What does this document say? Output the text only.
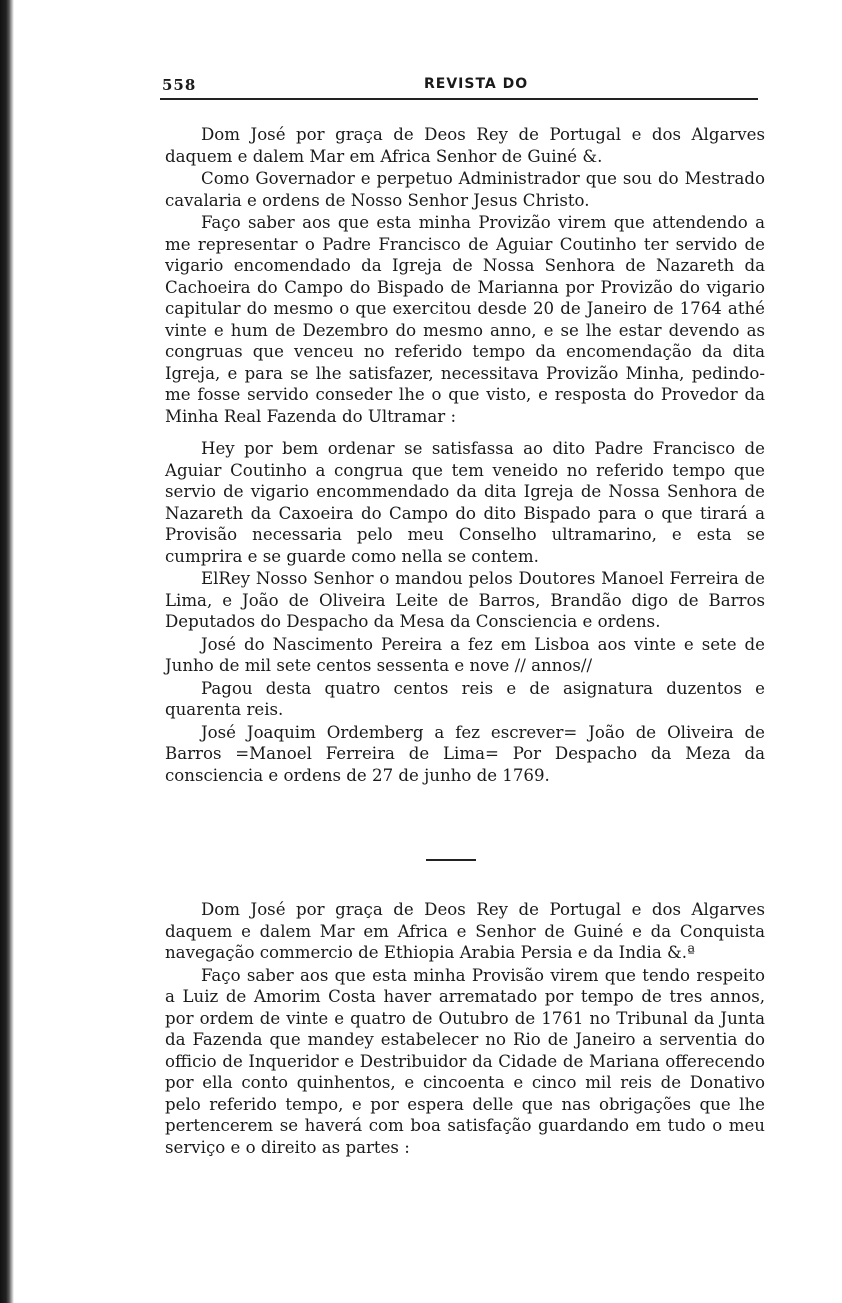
558	REVISTA DO

Dom José por graça de Deos Rey de Portugal e dos Algarves daquem e dalem Mar em Africa Senhor de Guiné &.

Como Governador e perpetuo Administrador que sou do Mestrado cavalaria e ordens de Nosso Senhor Jesus Christo.

Faço saber aos que esta minha Provizão virem que attendendo a me representar o Padre Francisco de Aguiar Coutinho ter servido de vigario encomendado da Igreja de Nossa Senhora de Nazareth da Cachoeira do Campo do Bispado de Marianna por Provizão do vigario capitular do mesmo o que exercitou desde 20 de Janeiro de 1764 athé vinte e hum de Dezembro do mesmo anno, e se lhe estar devendo as congruas que venceu no referido tempo da encomendação da dita Igreja, e para se lhe satisfazer, necessitava Provizão Minha, pedindo-me fosse servido conseder lhe o que visto, e resposta do Provedor da Minha Real Fazenda do Ultramar :

Hey por bem ordenar se satisfassa ao dito Padre Francisco de Aguiar Coutinho a congrua que tem veneido no referido tempo que servio de vigario encommendado da dita Igreja de Nossa Senhora de Nazareth da Caxoeira do Campo do dito Bispado para o que tirará a Provisão necessaria pelo meu Conselho ultramarino, e esta se cumprira e se guarde como nella se contem.

ElRey Nosso Senhor o mandou pelos Doutores Manoel Ferreira de Lima, e João de Oliveira Leite de Barros, Brandão digo de Barros Deputados do Despacho da Mesa da Consciencia e ordens.

José do Nascimento Pereira a fez em Lisboa aos vinte e sete de Junho de mil sete centos sessenta e nove // annos//

Pagou desta quatro centos reis e de asignatura duzentos e quarenta reis.

José Joaquim Ordemberg a fez escrever= João de Oliveira de Barros =Manoel Ferreira de Lima= Por Despacho da Meza da consciencia e ordens de 27 de junho de 1769.

Dom José por graça de Deos Rey de Portugal e dos Algarves daquem e dalem Mar em Africa e Senhor de Guiné e da Conquista navegação commercio de Ethiopia Arabia Persia e da India &.ª

Faço saber aos que esta minha Provisão virem que tendo respeito a Luiz de Amorim Costa haver arrematado por tempo de tres annos, por ordem de vinte e quatro de Outubro de 1761 no Tribunal da Junta da Fazenda que mandey estabelecer no Rio de Janeiro a serventia do officio de Inqueridor e Destribuidor da Cidade de Mariana offerecendo por ella conto quinhentos, e cincoenta e cinco mil reis de Donativo pelo referido tempo, e por espera delle que nas obrigações que lhe pertencerem se haverá com boa satisfação guardando em tudo o meu serviço e o direito as partes :
